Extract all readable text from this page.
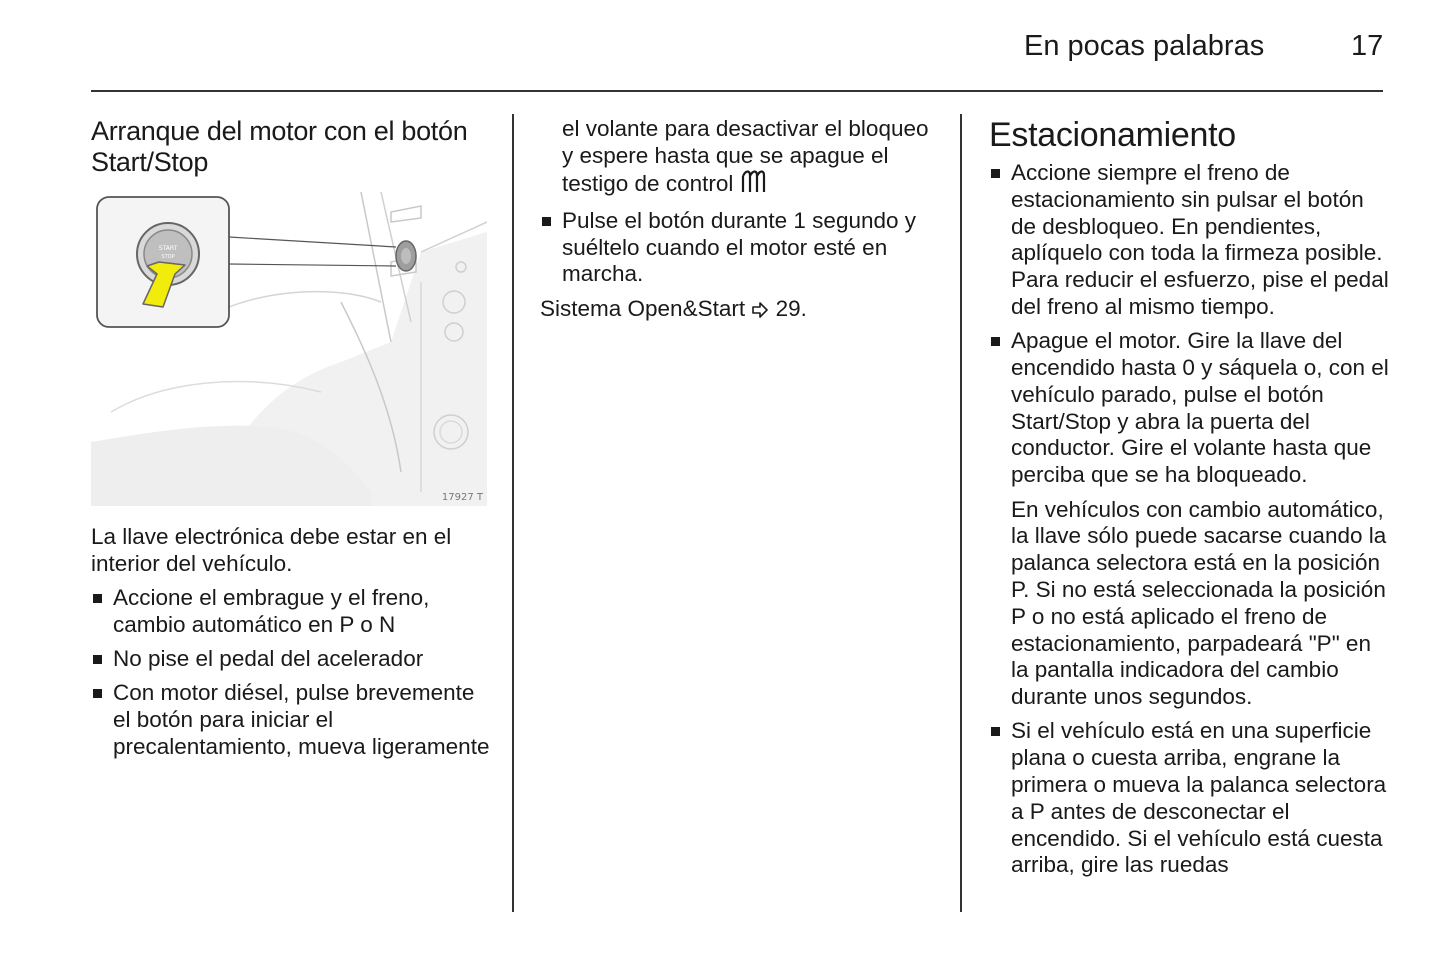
En pocas palabras	17
Arranque del motor con el botón Start/Stop
START
STOP
17927 T

La llave electrónica debe estar en el interior del vehículo.

Accione el embrague y el freno, cambio automático en P o N
No pise el pedal del acelerador
Con motor diésel, pulse brevemente el botón para iniciar el precalentamiento, mueva ligeramente

el volante para desactivar el bloqueo y espere hasta que se apague el testigo de control

Pulse el botón durante 1 segundo y suéltelo cuando el motor esté en marcha.

Sistema Open&Start 29.

Estacionamiento
Accione siempre el freno de estacionamiento sin pulsar el botón de desbloqueo. En pendientes, aplíquelo con toda la firmeza posible. Para reducir el esfuerzo, pise el pedal del freno al mismo tiempo.
Apague el motor. Gire la llave del encendido hasta 0 y sáquela o, con el vehículo parado, pulse el botón Start/Stop y abra la puerta del conductor. Gire el volante hasta que perciba que se ha bloqueado.

En vehículos con cambio automático, la llave sólo puede sacarse cuando la palanca selectora está en la posición P. Si no está seleccionada la posición P o no está aplicado el freno de estacionamiento, parpadeará "P" en la pantalla indicadora del cambio durante unos segundos.

Si el vehículo está en una superficie plana o cuesta arriba, engrane la primera o mueva la palanca selectora a P antes de desconectar el encendido. Si el vehículo está cuesta arriba, gire las ruedas
